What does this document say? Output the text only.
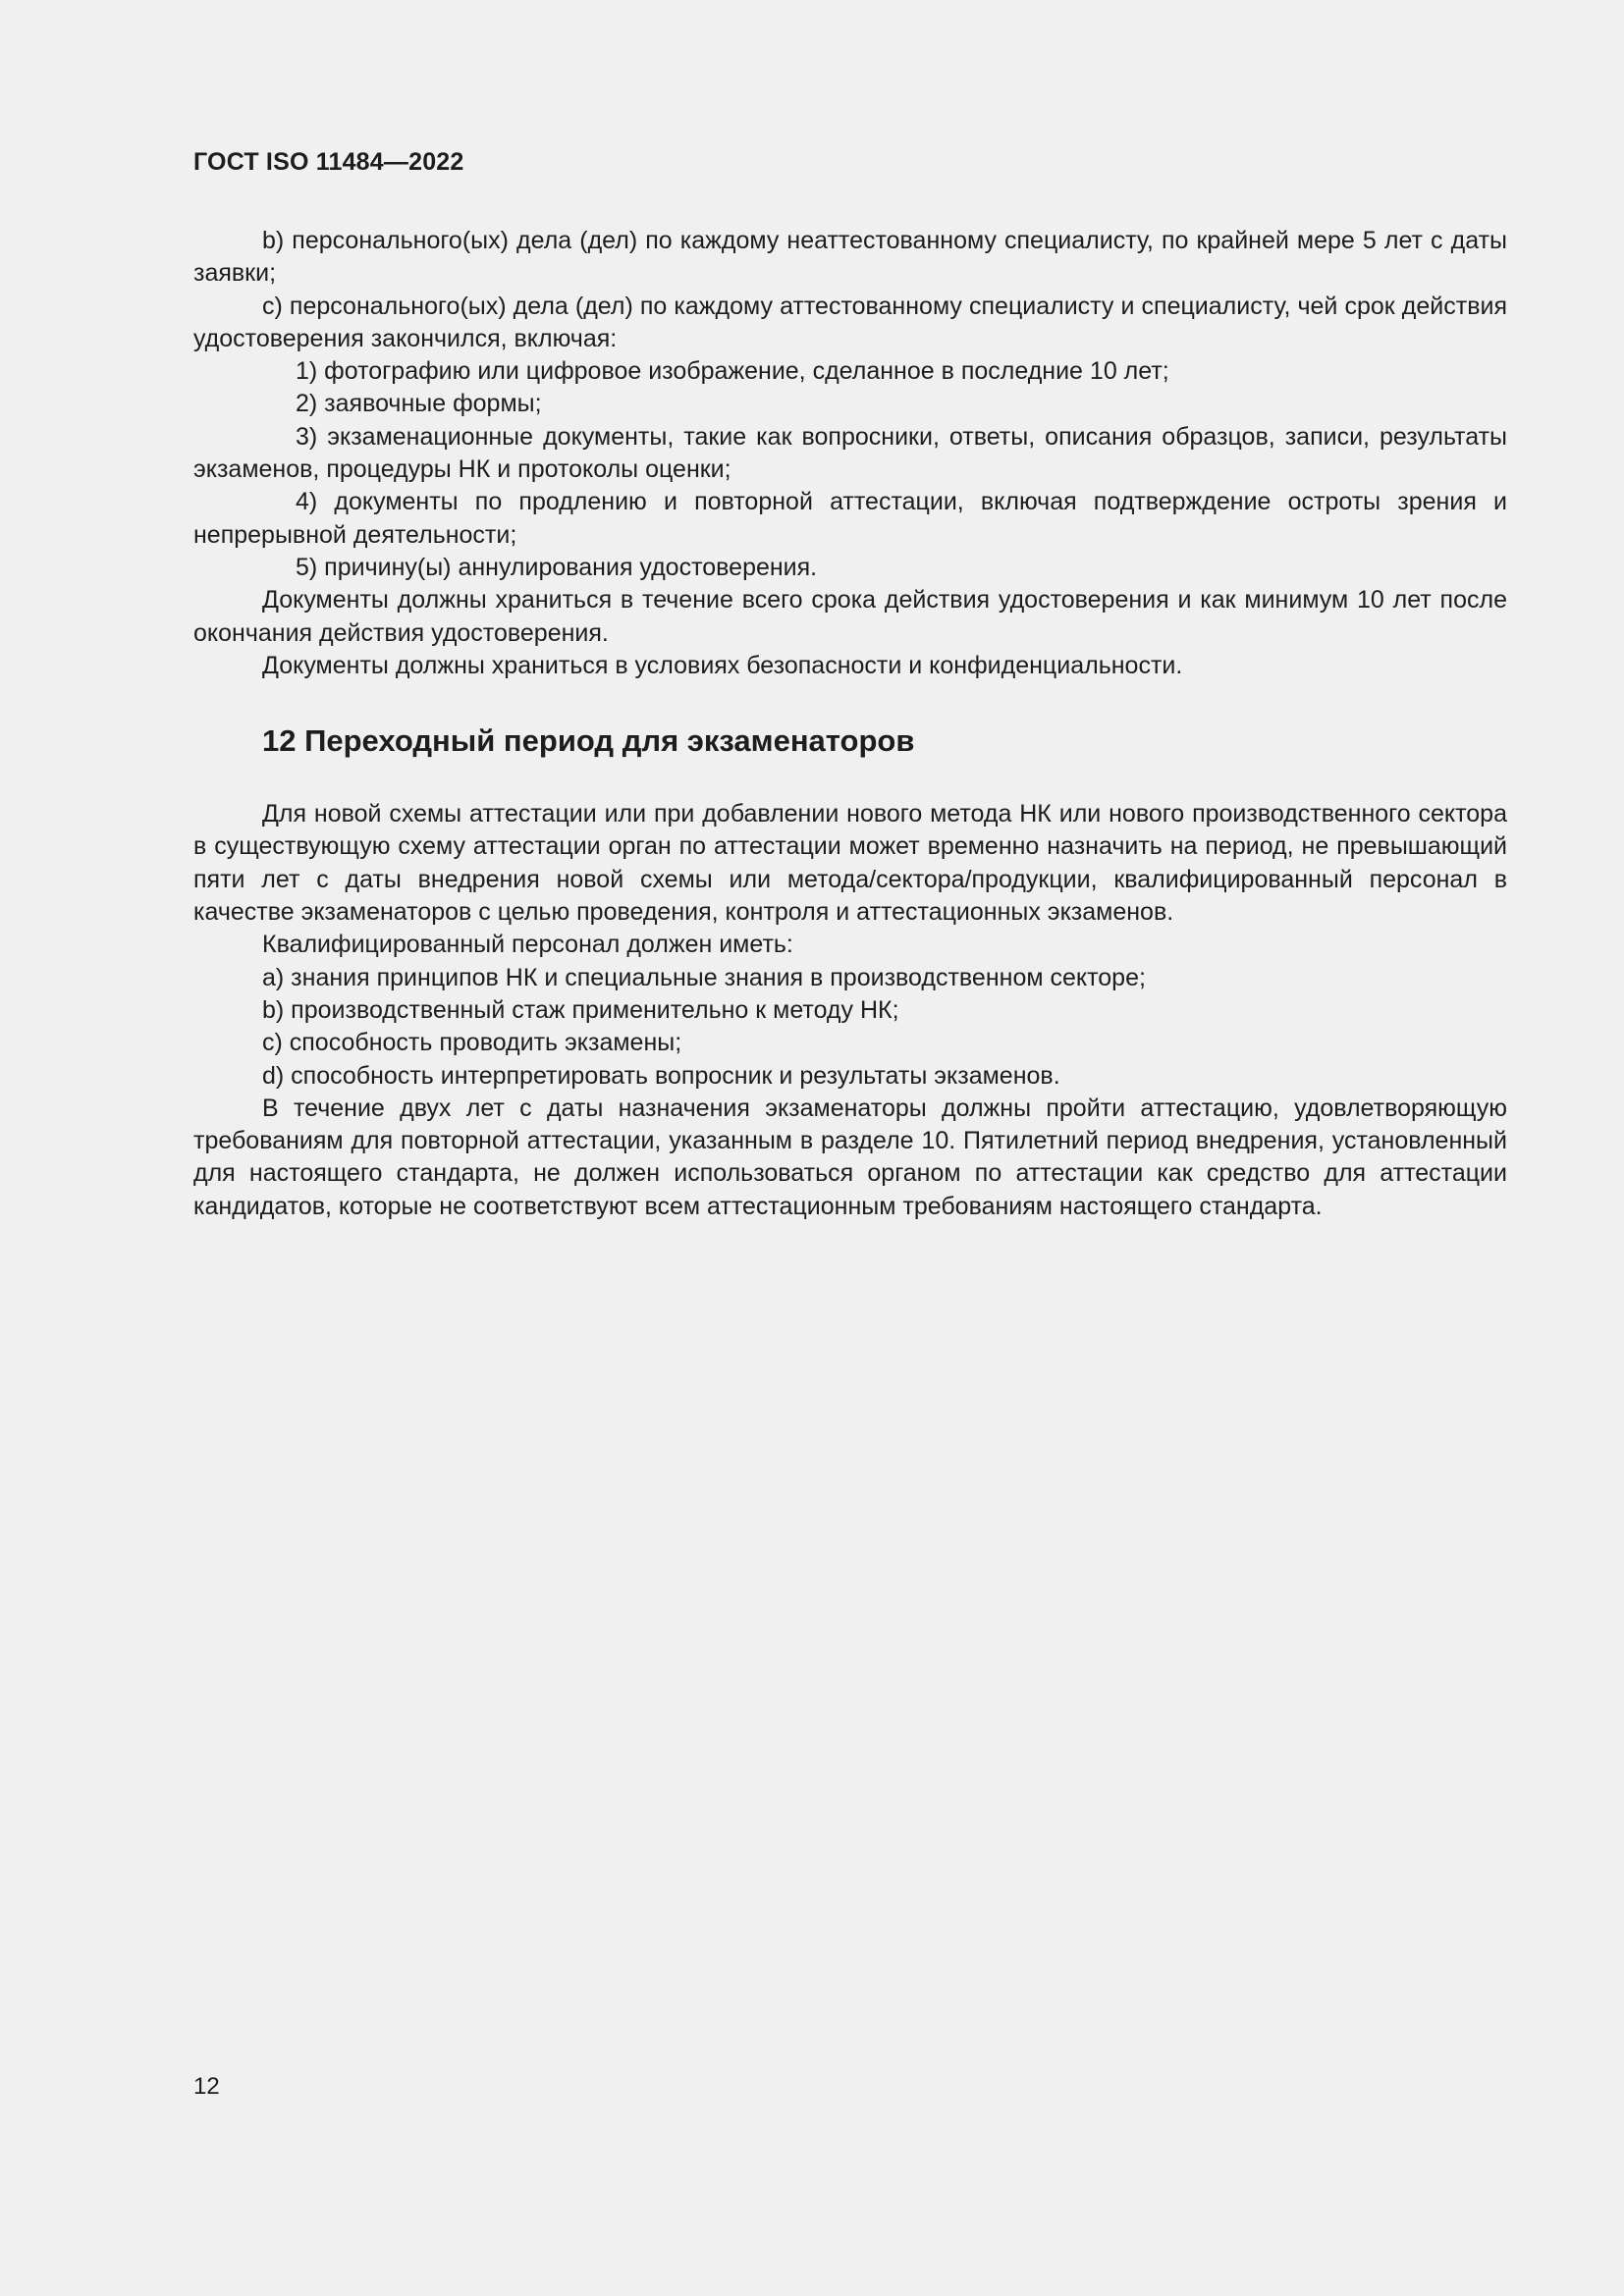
ГОСТ ISO 11484—2022

b) персонального(ых) дела (дел) по каждому неаттестованному специалисту, по крайней мере 5 лет с даты заявки;

c) персонального(ых) дела (дел) по каждому аттестованному специалисту и специалисту, чей срок действия удостоверения закончился, включая:

1) фотографию или цифровое изображение, сделанное в последние 10 лет;

2) заявочные формы;

3) экзаменационные документы, такие как вопросники, ответы, описания образцов, записи, результаты экзаменов, процедуры НК и протоколы оценки;

4) документы по продлению и повторной аттестации, включая подтверждение остроты зрения и непрерывной деятельности;

5) причину(ы) аннулирования удостоверения.

Документы должны храниться в течение всего срока действия удостоверения и как минимум 10 лет после окончания действия удостоверения.

Документы должны храниться в условиях безопасности и конфиденциальности.

12 Переходный период для экзаменаторов

Для новой схемы аттестации или при добавлении нового метода НК или нового производственного сектора в существующую схему аттестации орган по аттестации может временно назначить на период, не превышающий пяти лет с даты внедрения новой схемы или метода/сектора/продукции, квалифицированный персонал в качестве экзаменаторов с целью проведения, контроля и аттестационных экзаменов.

Квалифицированный персонал должен иметь:

a) знания принципов НК и специальные знания в производственном секторе;

b) производственный стаж применительно к методу НК;

c) способность проводить экзамены;

d) способность интерпретировать вопросник и результаты экзаменов.

В течение двух лет с даты назначения экзаменаторы должны пройти аттестацию, удовлетворяющую требованиям для повторной аттестации, указанным в разделе 10. Пятилетний период внедрения, установленный для настоящего стандарта, не должен использоваться органом по аттестации как средство для аттестации кандидатов, которые не соответствуют всем аттестационным требованиям настоящего стандарта.

12
